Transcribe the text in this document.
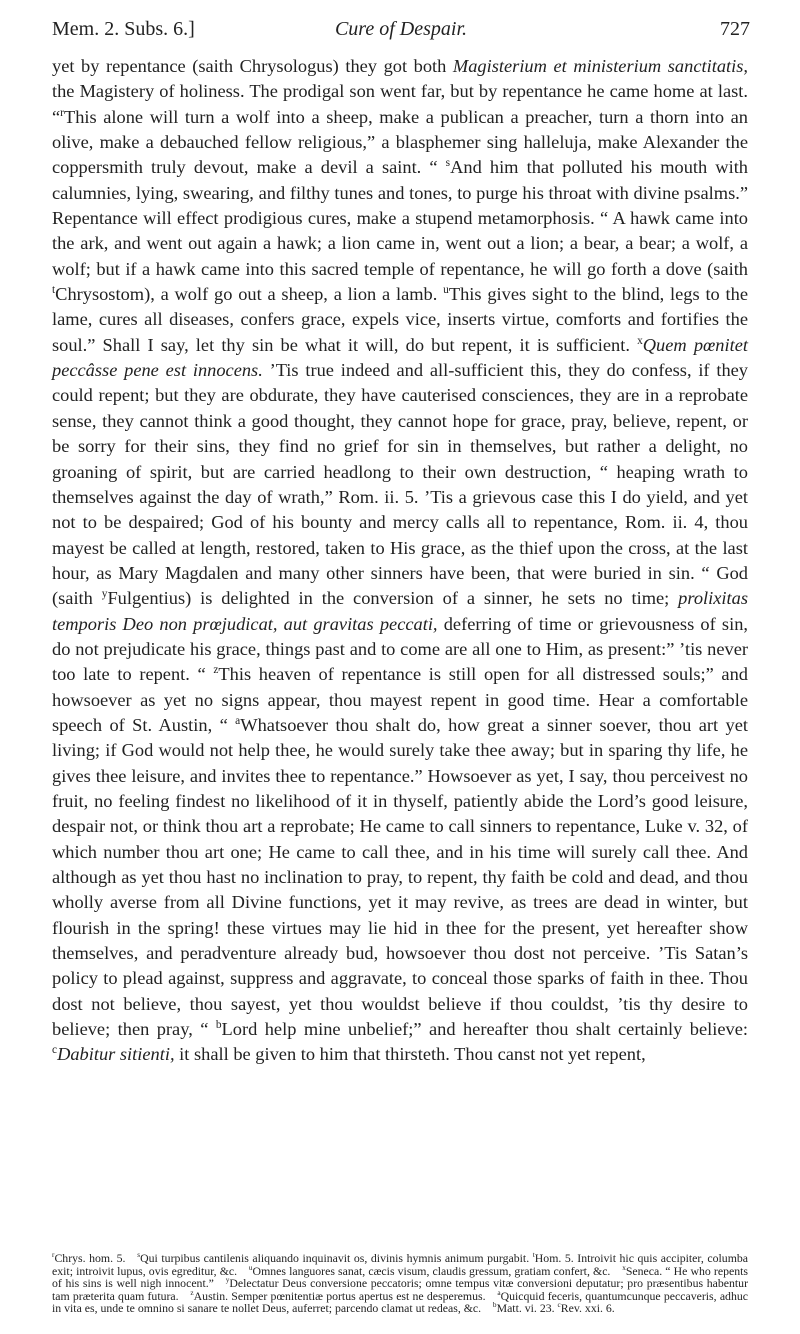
Mem. 2. Subs. 6.]	Cure of Despair.	727

yet by repentance (saith Chrysologus) they got both Magisterium et ministerium sanctitatis, the Magistery of holiness. The prodigal son went far, but by repentance he came home at last. “$^r$This alone will turn a wolf into a sheep, make a publican a preacher, turn a thorn into an olive, make a debauched fellow religious,” a blasphemer sing halleluja, make Alexander the coppersmith truly devout, make a devil a saint. “ $^s$And him that polluted his mouth with calumnies, lying, swearing, and filthy tunes and tones, to purge his throat with divine psalms.” Repentance will effect prodigious cures, make a stupend metamorphosis. “ A hawk came into the ark, and went out again a hawk; a lion came in, went out a lion; a bear, a bear; a wolf, a wolf; but if a hawk came into this sacred temple of repentance, he will go forth a dove (saith $^t$Chrysostom), a wolf go out a sheep, a lion a lamb. $^u$This gives sight to the blind, legs to the lame, cures all diseases, confers grace, expels vice, inserts virtue, comforts and fortifies the soul.” Shall I say, let thy sin be what it will, do but repent, it is sufficient. $^x$Quem pœnitet peccâsse pene est innocens. ’Tis true indeed and all-sufficient this, they do confess, if they could repent; but they are obdurate, they have cauterised consciences, they are in a reprobate sense, they cannot think a good thought, they cannot hope for grace, pray, believe, repent, or be sorry for their sins, they find no grief for sin in themselves, but rather a delight, no groaning of spirit, but are carried headlong to their own destruction, “ heaping wrath to themselves against the day of wrath,” Rom. ii. 5. ’Tis a grievous case this I do yield, and yet not to be despaired; God of his bounty and mercy calls all to repentance, Rom. ii. 4, thou mayest be called at length, restored, taken to His grace, as the thief upon the cross, at the last hour, as Mary Magdalen and many other sinners have been, that were buried in sin. “ God (saith $^y$Fulgentius) is delighted in the conversion of a sinner, he sets no time; prolixitas temporis Deo non prœjudicat, aut gravitas peccati, deferring of time or grievousness of sin, do not prejudicate his grace, things past and to come are all one to Him, as present:” ’tis never too late to repent. “ $^z$This heaven of repentance is still open for all distressed souls;” and howsoever as yet no signs appear, thou mayest repent in good time. Hear a comfortable speech of St. Austin, “ $^a$Whatsoever thou shalt do, how great a sinner soever, thou art yet living; if God would not help thee, he would surely take thee away; but in sparing thy life, he gives thee leisure, and invites thee to repentance.” Howsoever as yet, I say, thou perceivest no fruit, no feeling findest no likelihood of it in thyself, patiently abide the Lord’s good leisure, despair not, or think thou art a reprobate; He came to call sinners to repentance, Luke v. 32, of which number thou art one; He came to call thee, and in his time will surely call thee. And although as yet thou hast no inclination to pray, to repent, thy faith be cold and dead, and thou wholly averse from all Divine functions, yet it may revive, as trees are dead in winter, but flourish in the spring! these virtues may lie hid in thee for the present, yet hereafter show themselves, and peradventure already bud, howsoever thou dost not perceive. ’Tis Satan’s policy to plead against, suppress and aggravate, to conceal those sparks of faith in thee. Thou dost not believe, thou sayest, yet thou wouldst believe if thou couldst, ’tis thy desire to believe; then pray, “ $^b$Lord help mine unbelief;” and hereafter thou shalt certainly believe: $^c$Dabitur sitienti, it shall be given to him that thirsteth. Thou canst not yet repent,

$^r$Chrys. hom. 5.  $^s$Qui turpibus cantilenis aliquando inquinavit os, divinis hymnis animum purgabit. $^t$Hom. 5. Introivit hic quis accipiter, columba exit; introivit lupus, ovis egreditur, &c.  $^u$Omnes languores sanat, cæcis visum, claudis gressum, gratiam confert, &c.  $^x$Seneca. “ He who repents of his sins is well nigh innocent.”  $^y$Delectatur Deus conversione peccatoris; omne tempus vitæ conversioni deputatur; pro præsentibus habentur tam præterita quam futura.  $^z$Austin. Semper pœnitentiæ portus apertus est ne desperemus.  $^a$Quicquid feceris, quantumcunque peccaveris, adhuc in vita es, unde te omnino si sanare te nollet Deus, auferret; parcendo clamat ut redeas, &c.  $^b$Matt. vi. 23. $^c$Rev. xxi. 6.
